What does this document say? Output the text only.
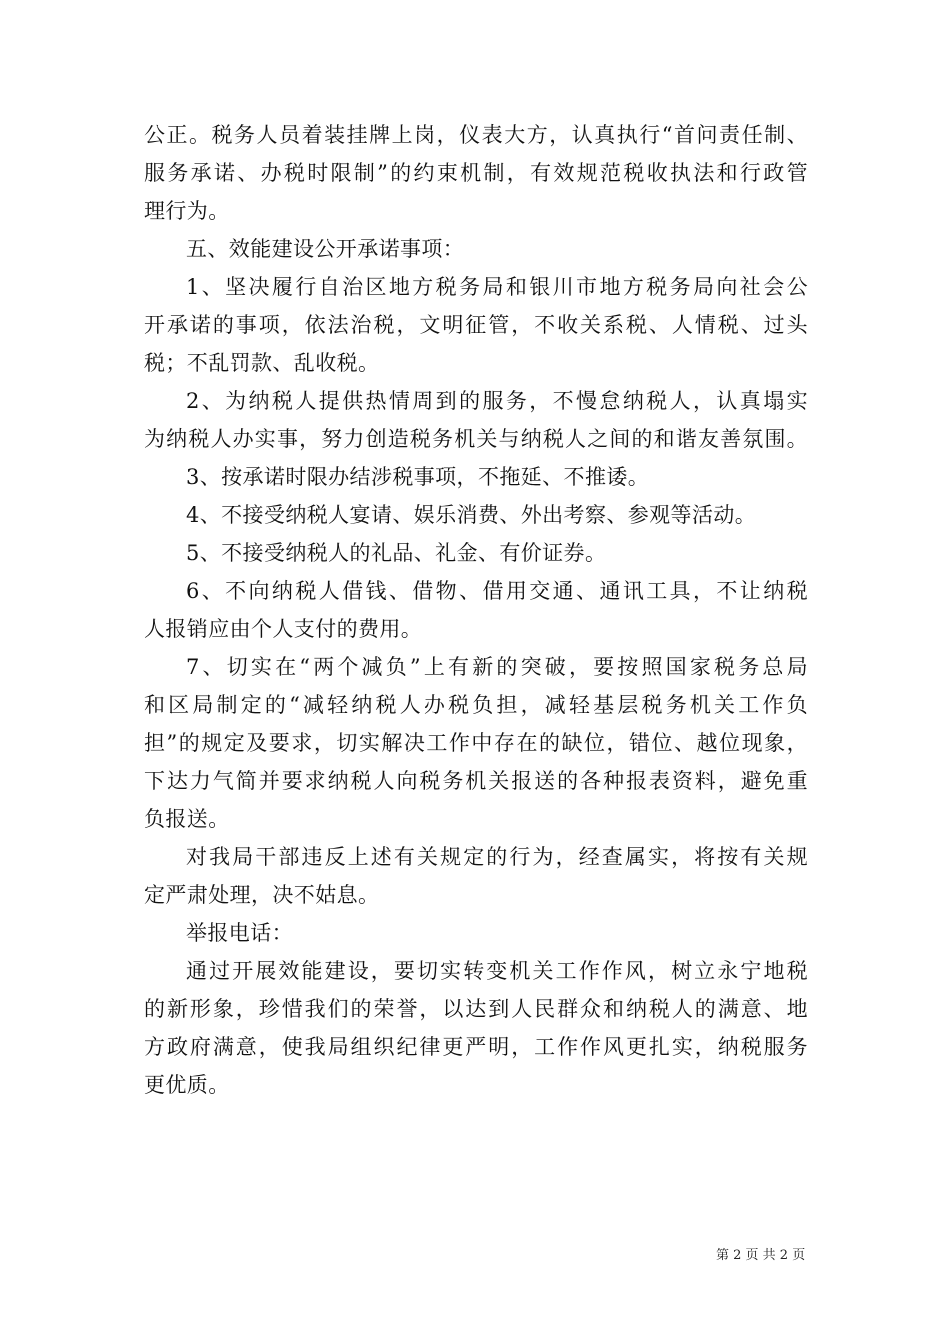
公正。税务人员着装挂牌上岗，仪表大方，认真执行“首问责任制、
服务承诺、办税时限制”的约束机制，有效规范税收执法和行政管
理行为。
五、效能建设公开承诺事项：
1、坚决履行自治区地方税务局和银川市地方税务局向社会公
开承诺的事项，依法治税，文明征管，不收关系税、人情税、过头
税；不乱罚款、乱收税。
2、为纳税人提供热情周到的服务，不慢怠纳税人，认真塌实
为纳税人办实事，努力创造税务机关与纳税人之间的和谐友善氛围。
3、按承诺时限办结涉税事项，不拖延、不推诿。
4、不接受纳税人宴请、娱乐消费、外出考察、参观等活动。
5、不接受纳税人的礼品、礼金、有价证券。
6、不向纳税人借钱、借物、借用交通、通讯工具，不让纳税
人报销应由个人支付的费用。
7、切实在“两个减负”上有新的突破，要按照国家税务总局
和区局制定的“减轻纳税人办税负担，减轻基层税务机关工作负
担”的规定及要求，切实解决工作中存在的缺位，错位、越位现象，
下达力气简并要求纳税人向税务机关报送的各种报表资料，避免重
负报送。
对我局干部违反上述有关规定的行为，经查属实，将按有关规
定严肃处理，决不姑息。
举报电话：
通过开展效能建设，要切实转变机关工作作风，树立永宁地税
的新形象，珍惜我们的荣誉，以达到人民群众和纳税人的满意、地
方政府满意，使我局组织纪律更严明，工作作风更扎实，纳税服务
更优质。
第 2 页 共 2 页
